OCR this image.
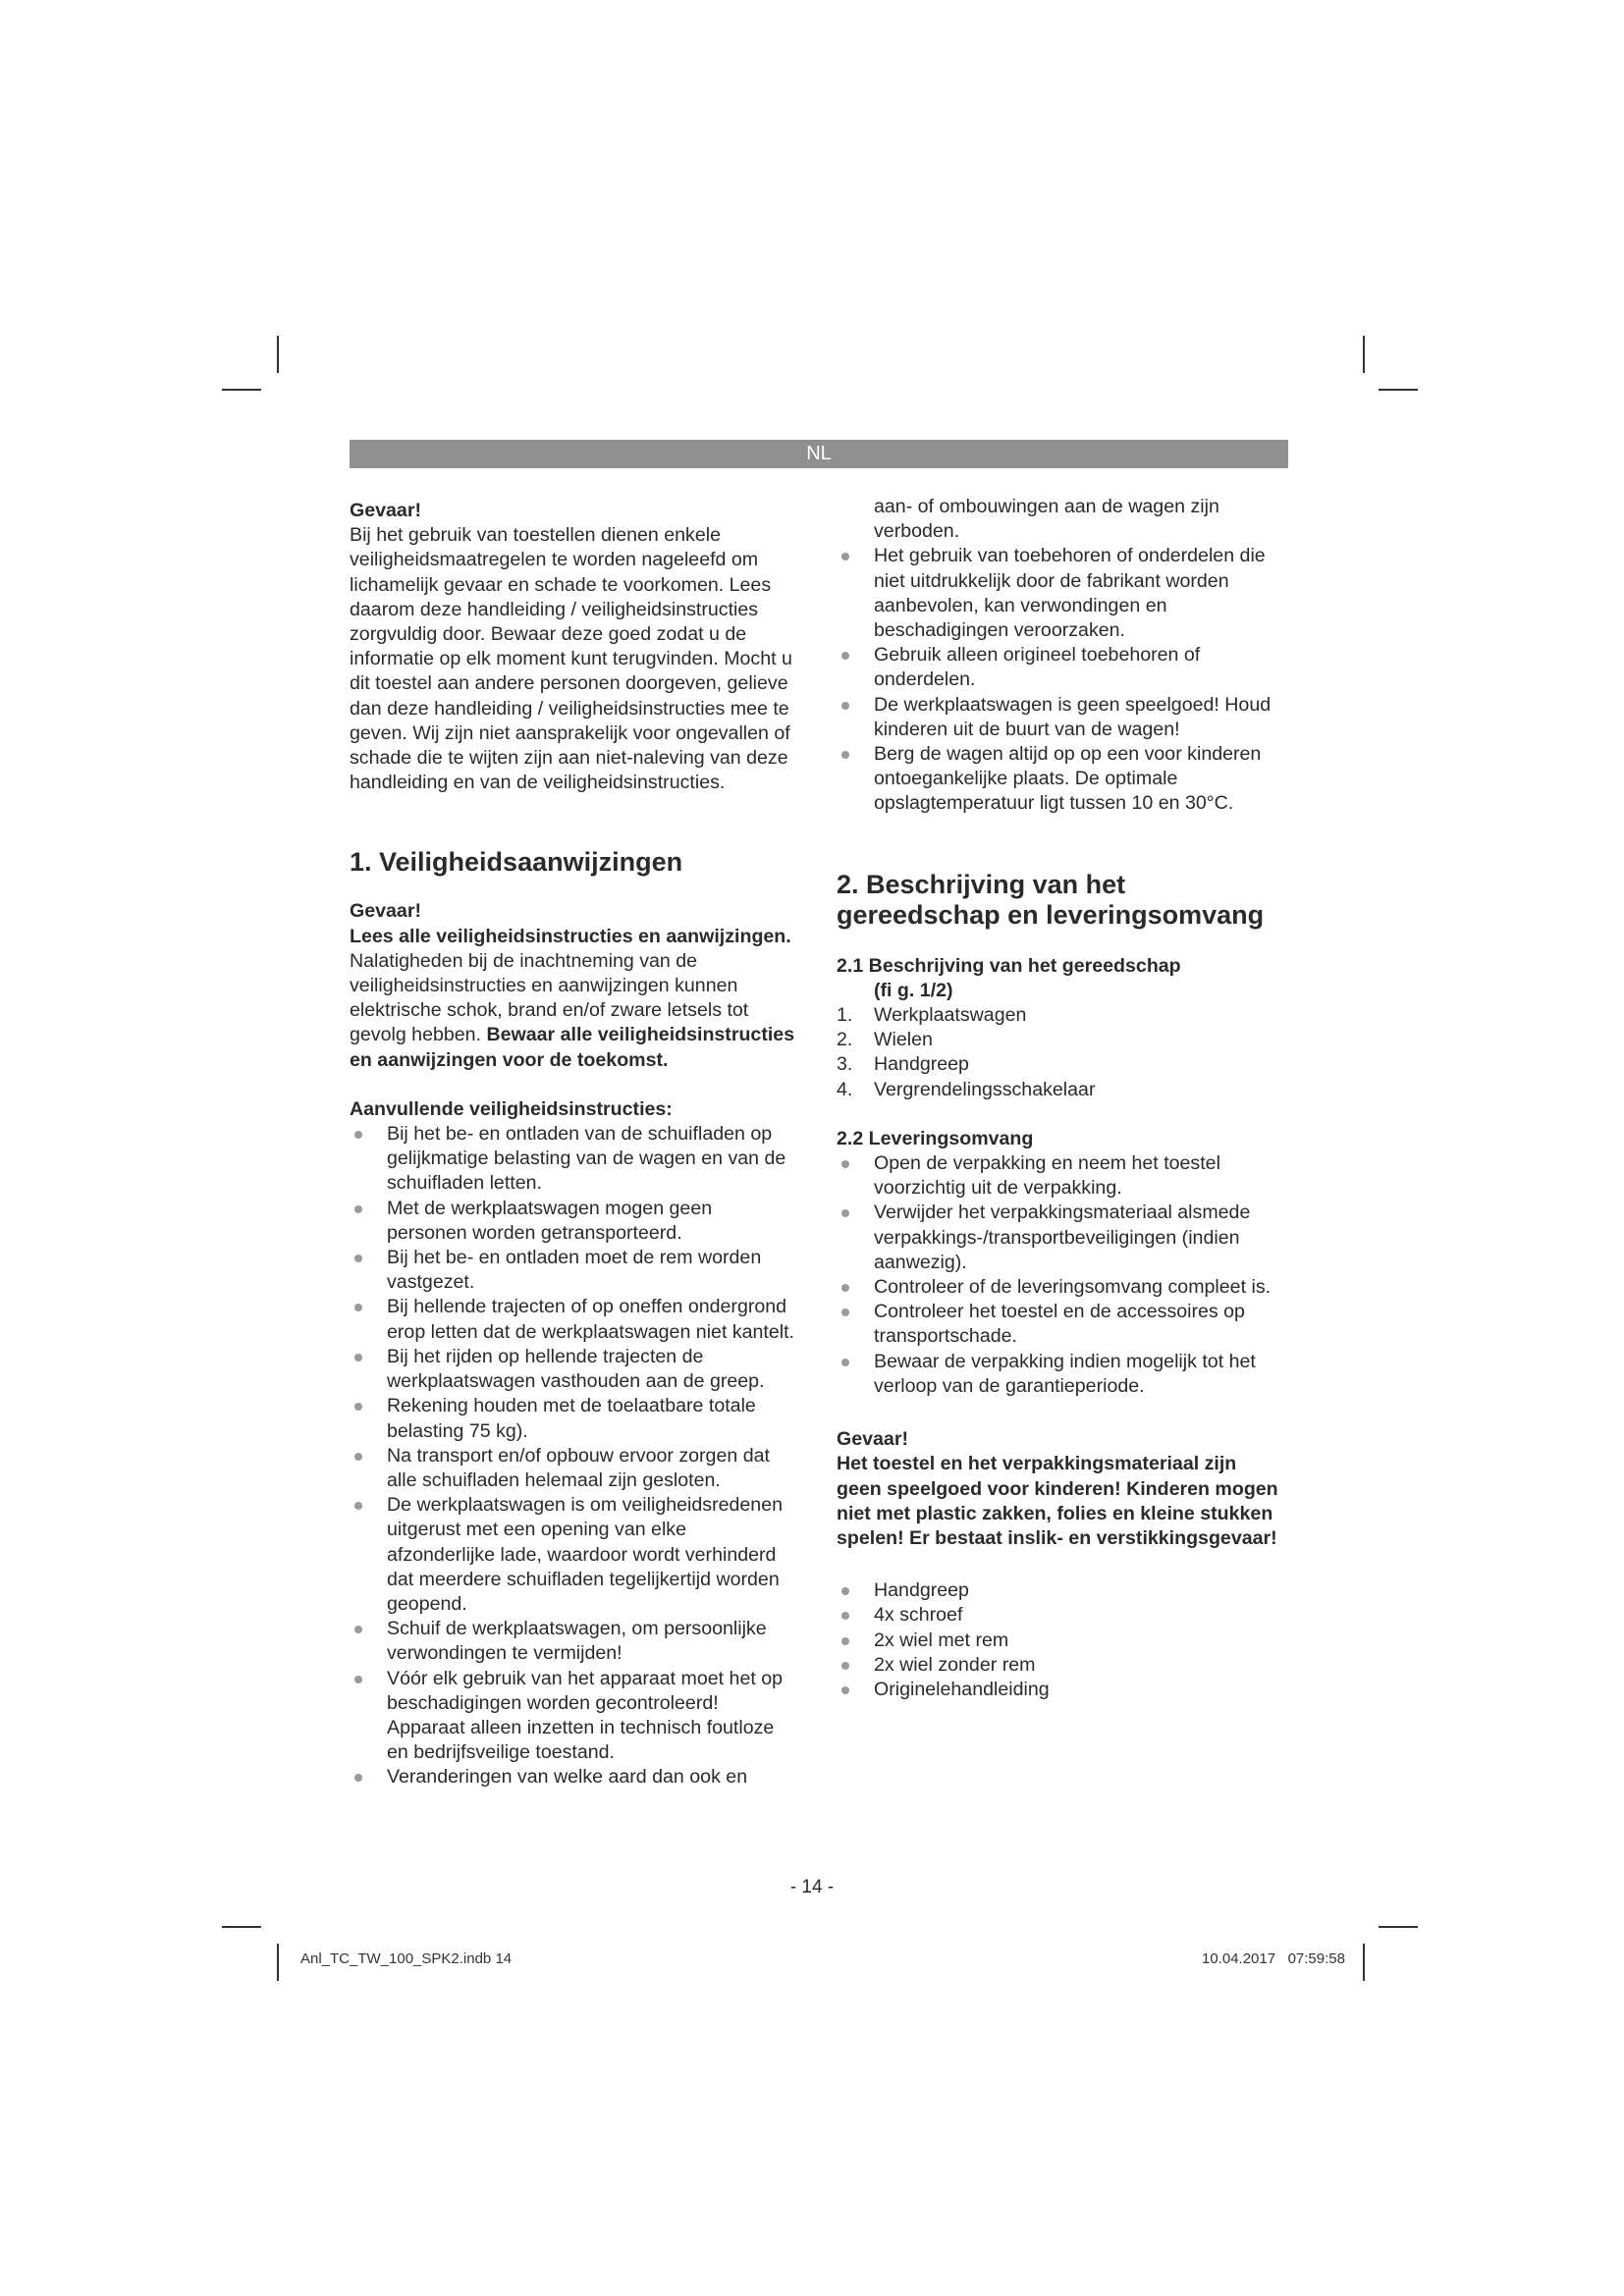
NL

Gevaar!

Bij het gebruik van toestellen dienen enkele veiligheidsmaatregelen te worden nageleefd om lichamelijk gevaar en schade te voorkomen. Lees daarom deze handleiding / veiligheidsinstructies zorgvuldig door. Bewaar deze goed zodat u de informatie op elk moment kunt terugvinden. Mocht u dit toestel aan andere personen doorgeven, gelieve dan deze handleiding / veiligheidsinstructies mee te geven. Wij zijn niet aansprakelijk voor ongevallen of schade die te wijten zijn aan niet-naleving van deze handleiding en van de veiligheidsinstructies.

1. Veiligheidsaanwijzingen

Gevaar!

Lees alle veiligheidsinstructies en aanwijzingen. Nalatigheden bij de inachtneming van de veiligheidsinstructies en aanwijzingen kunnen elektrische schok, brand en/of zware letsels tot gevolg hebben. Bewaar alle veiligheidsinstructies en aanwijzingen voor de toekomst.

Aanvullende veiligheidsinstructies:

Bij het be- en ontladen van de schuifladen op gelijkmatige belasting van de wagen en van de schuifladen letten.
Met de werkplaatswagen mogen geen personen worden getransporteerd.
Bij het be- en ontladen moet de rem worden vastgezet.
Bij hellende trajecten of op oneffen ondergrond erop letten dat de werkplaatswagen niet kantelt.
Bij het rijden op hellende trajecten de werkplaatswagen vasthouden aan de greep.
Rekening houden met de toelaatbare totale belasting 75 kg).
Na transport en/of opbouw ervoor zorgen dat alle schuifladen helemaal zijn gesloten.
De werkplaatswagen is om veiligheidsredenen uitgerust met een opening van elke afzonderlijke lade, waardoor wordt verhinderd dat meerdere schuifladen tegelijkertijd worden geopend.
Schuif de werkplaatswagen, om persoonlijke verwondingen te vermijden!
Vóór elk gebruik van het apparaat moet het op beschadigingen worden gecontroleerd! Apparaat alleen inzetten in technisch foutloze en bedrijfsveilige toestand.
Veranderingen van welke aard dan ook en

aan- of ombouwingen aan de wagen zijn verboden.

Het gebruik van toebehoren of onderdelen die niet uitdrukkelijk door de fabrikant worden aanbevolen, kan verwondingen en beschadigingen veroorzaken.
Gebruik alleen origineel toebehoren of onderdelen.
De werkplaatswagen is geen speelgoed! Houd kinderen uit de buurt van de wagen!
Berg de wagen altijd op op een voor kinderen ontoegankelijke plaats. De optimale opslagtemperatuur ligt tussen 10 en 30°C.

2. Beschrijving van het gereedschap en leveringsomvang

2.1 Beschrijving van het gereedschap

(fi g. 1/2)

1. Werkplaatswagen
2. Wielen
3. Handgreep
4. Vergrendelingsschakelaar

2.2 Leveringsomvang

Open de verpakking en neem het toestel voorzichtig uit de verpakking.
Verwijder het verpakkingsmateriaal alsmede verpakkings-/transportbeveiligingen (indien aanwezig).
Controleer of de leveringsomvang compleet is.
Controleer het toestel en de accessoires op transportschade.
Bewaar de verpakking indien mogelijk tot het verloop van de garantieperiode.

Gevaar!

Het toestel en het verpakkingsmateriaal zijn geen speelgoed voor kinderen! Kinderen mogen niet met plastic zakken, folies en kleine stukken spelen! Er bestaat inslik- en verstikkingsgevaar!

Handgreep
4x schroef
2x wiel met rem
2x wiel zonder rem
Originelehandleiding
- 14 -
Anl_TC_TW_100_SPK2.indb 14	10.04.2017   07:59:58
